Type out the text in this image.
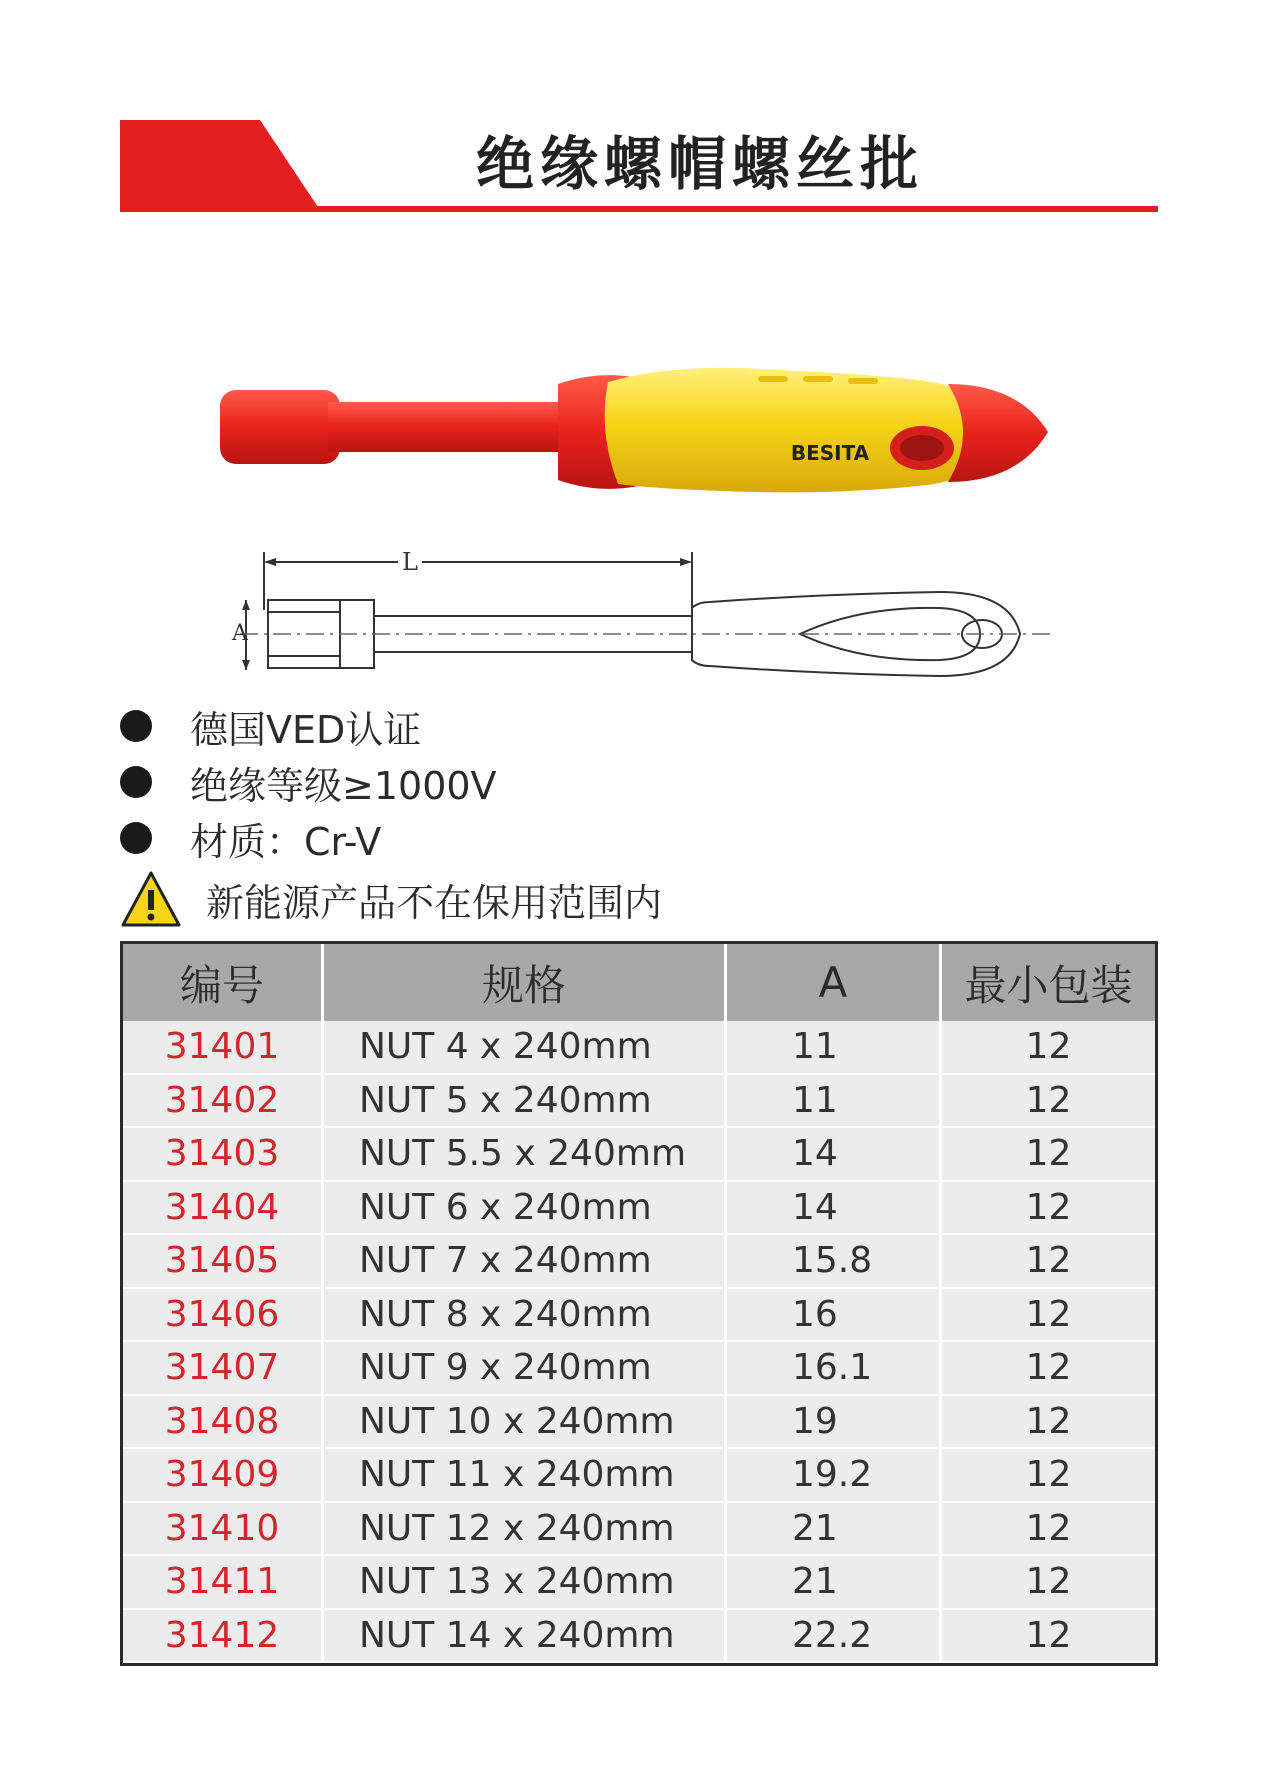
绝缘螺帽螺丝批
BESITA
L
A
德国VED认证
绝缘等级≥1000V
材质：Cr-V
新能源产品不在保用范围内
编号	规格	A	最小包装
31401	NUT 4 x 240mm	11	12
31402	NUT 5 x 240mm	11	12
31403	NUT 5.5 x 240mm	14	12
31404	NUT 6 x 240mm	14	12
31405	NUT 7 x 240mm	15.8	12
31406	NUT 8 x 240mm	16	12
31407	NUT 9 x 240mm	16.1	12
31408	NUT 10 x 240mm	19	12
31409	NUT 11 x 240mm	19.2	12
31410	NUT 12 x 240mm	21	12
31411	NUT 13 x 240mm	21	12
31412	NUT 14 x 240mm	22.2	12
